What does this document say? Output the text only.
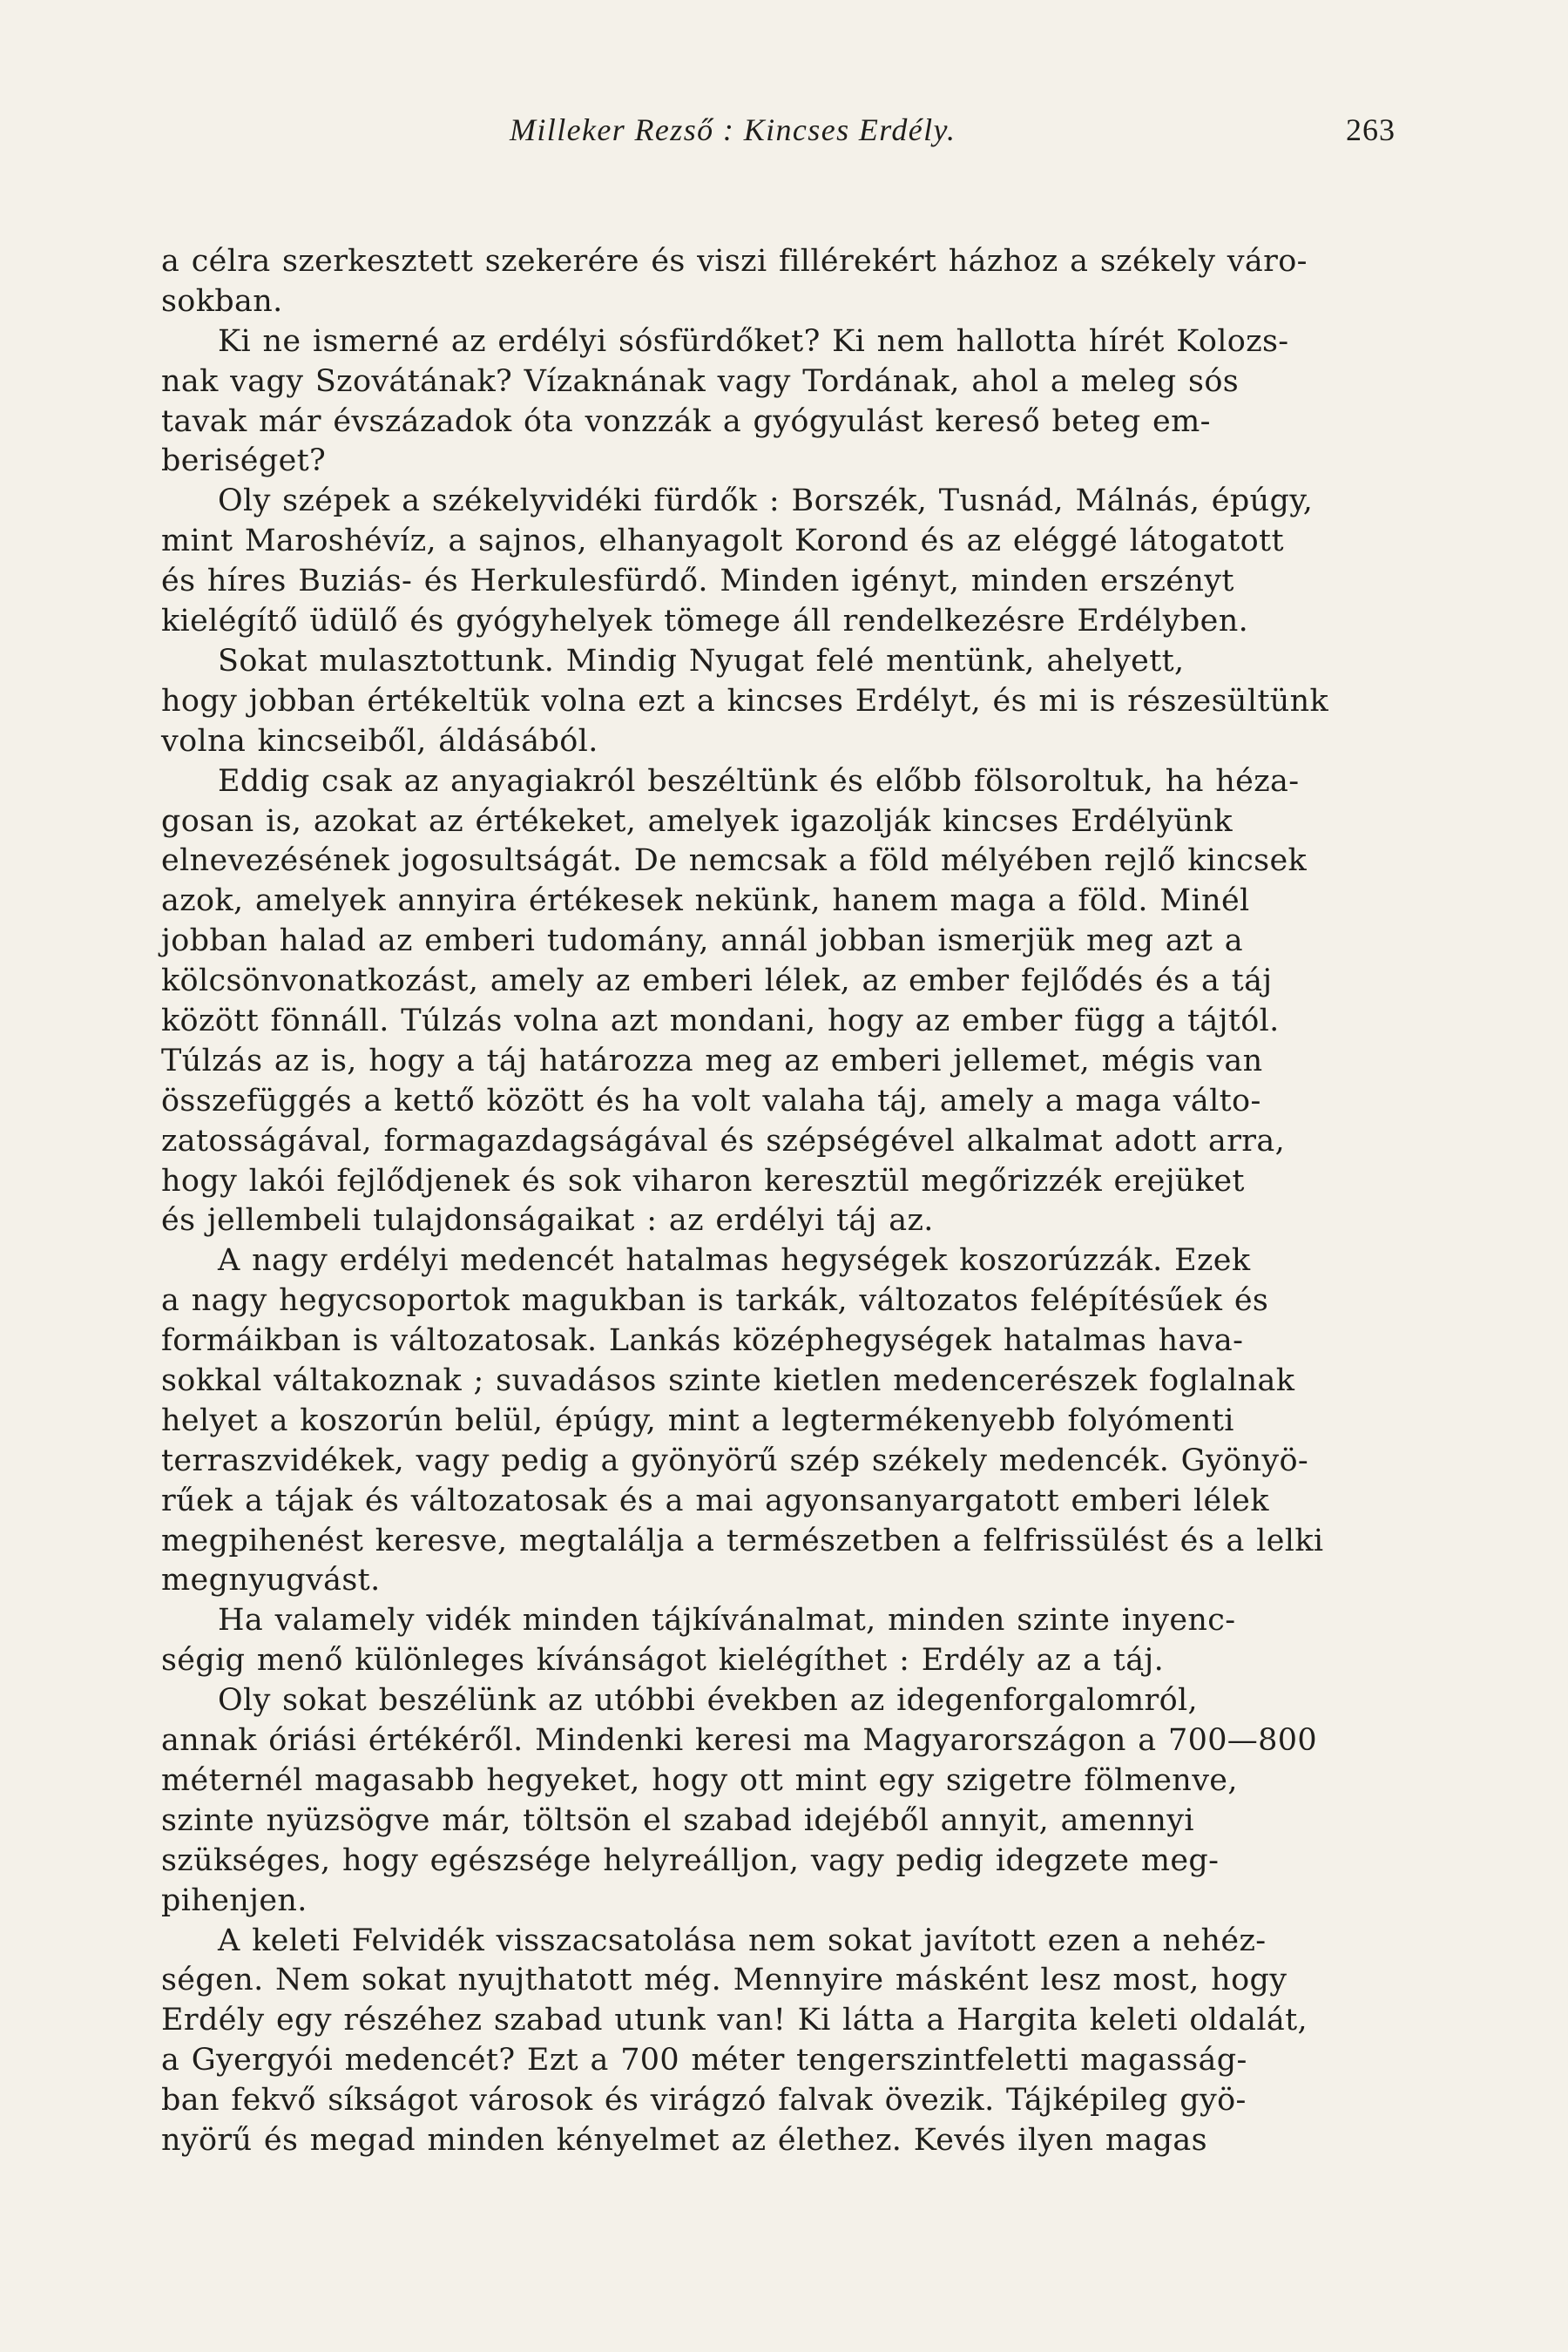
Milleker Rezső : Kincses Erdély.	263
a célra szerkesztett szekerére és viszi fillérekért házhoz a székely váro-
sokban.
Ki ne ismerné az erdélyi sósfürdőket? Ki nem hallotta hírét Kolozs-
nak vagy Szovátának? Vízaknának vagy Tordának, ahol a meleg sós
tavak már évszázadok óta vonzzák a gyógyulást kereső beteg em-
beriséget?
Oly szépek a székelyvidéki fürdők : Borszék, Tusnád, Málnás, épúgy,
mint Maroshévíz, a sajnos, elhanyagolt Korond és az eléggé látogatott
és híres Buziás- és Herkulesfürdő. Minden igényt, minden erszényt
kielégítő üdülő és gyógyhelyek tömege áll rendelkezésre Erdélyben.
Sokat mulasztottunk. Mindig Nyugat felé mentünk, ahelyett,
hogy jobban értékeltük volna ezt a kincses Erdélyt, és mi is részesültünk
volna kincseiből, áldásából.
Eddig csak az anyagiakról beszéltünk és előbb fölsoroltuk, ha héza-
gosan is, azokat az értékeket, amelyek igazolják kincses Erdélyünk
elnevezésének jogosultságát. De nemcsak a föld mélyében rejlő kincsek
azok, amelyek annyira értékesek nekünk, hanem maga a föld. Minél
jobban halad az emberi tudomány, annál jobban ismerjük meg azt a
kölcsönvonatkozást, amely az emberi lélek, az ember fejlődés és a táj
között fönnáll. Túlzás volna azt mondani, hogy az ember függ a tájtól.
Túlzás az is, hogy a táj határozza meg az emberi jellemet, mégis van
összefüggés a kettő között és ha volt valaha táj, amely a maga válto-
zatosságával, formagazdagságával és szépségével alkalmat adott arra,
hogy lakói fejlődjenek és sok viharon keresztül megőrizzék erejüket
és jellembeli tulajdonságaikat : az erdélyi táj az.
A nagy erdélyi medencét hatalmas hegységek koszorúzzák. Ezek
a nagy hegycsoportok magukban is tarkák, változatos felépítésűek és
formáikban is változatosak. Lankás középhegységek hatalmas hava-
sokkal váltakoznak ; suvadásos szinte kietlen medencerészek foglalnak
helyet a koszorún belül, épúgy, mint a legtermékenyebb folyómenti
terraszvidékek, vagy pedig a gyönyörű szép székely medencék. Gyönyö-
rűek a tájak és változatosak és a mai agyonsanyargatott emberi lélek
megpihenést keresve, megtalálja a természetben a felfrissülést és a lelki
megnyugvást.
Ha valamely vidék minden tájkívánalmat, minden szinte inyenc-
ségig menő különleges kívánságot kielégíthet : Erdély az a táj.
Oly sokat beszélünk az utóbbi években az idegenforgalomról,
annak óriási értékéről. Mindenki keresi ma Magyarországon a 700—800
méternél magasabb hegyeket, hogy ott mint egy szigetre fölmenve,
szinte nyüzsögve már, töltsön el szabad idejéből annyit, amennyi
szükséges, hogy egészsége helyreálljon, vagy pedig idegzete meg-
pihenjen.
A keleti Felvidék visszacsatolása nem sokat javított ezen a nehéz-
ségen. Nem sokat nyujthatott még. Mennyire másként lesz most, hogy
Erdély egy részéhez szabad utunk van! Ki látta a Hargita keleti oldalát,
a Gyergyói medencét? Ezt a 700 méter tengerszintfeletti magasság-
ban fekvő síkságot városok és virágzó falvak övezik. Tájképileg gyö-
nyörű és megad minden kényelmet az élethez. Kevés ilyen magas
